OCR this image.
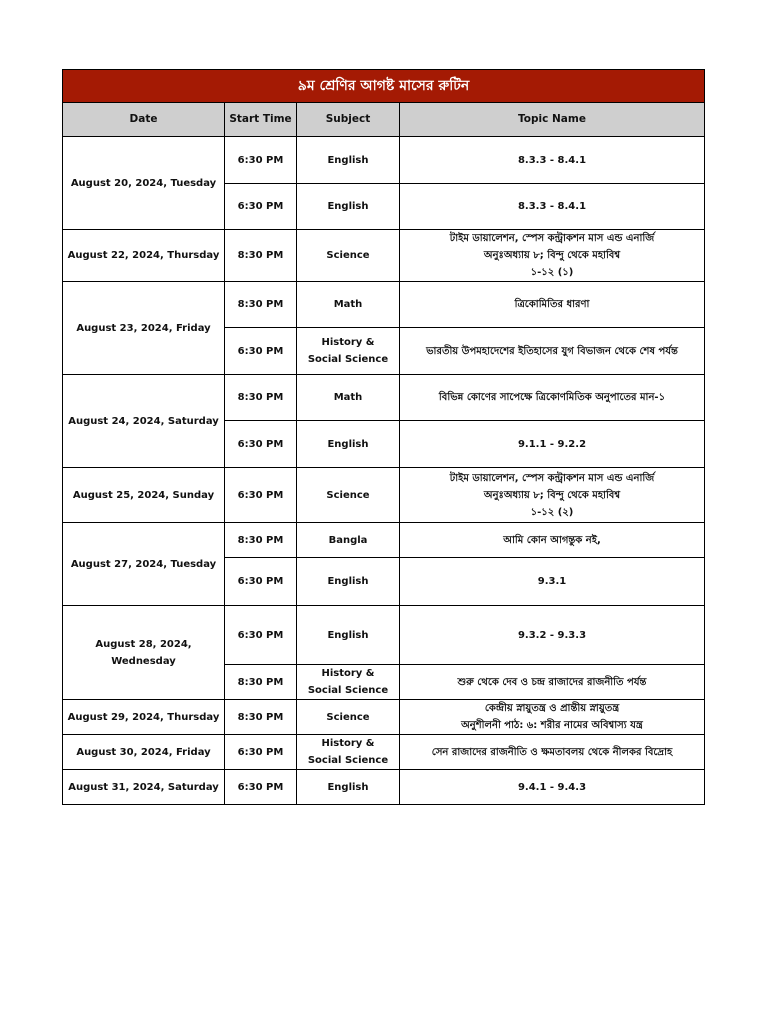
৯ম শ্রেণির আগষ্ট মাসের রুটিন			
Date	Start Time	Subject	Topic Name
August 20, 2024, Tuesday	6:30 PM	English	8.3.3 - 8.4.1
	6:30 PM	English	8.3.3 - 8.4.1
August 22, 2024, Thursday	8:30 PM	Science	টাইম ডায়ালেশন, স্পেস কন্ট্রাকশন মাস এন্ড এনার্জি
অনুঃঅধ্যায় ৮; বিন্দু থেকে মহাবিশ্ব
১-১২ (১)

August 23, 2024, Friday	8:30 PM	Math	ত্রিকোমিতির ধারণা
	6:30 PM	History &
Social Science	ভারতীয় উপমহাদেশের ইতিহাসের যুগ বিভাজন থেকে শেষ পর্যন্ত
August 24, 2024, Saturday	8:30 PM	Math	বিভিন্ন কোণের সাপেক্ষে ত্রিকোণমিতিক অনুপাতের মান-১
	6:30 PM	English	9.1.1 - 9.2.2
August 25, 2024, Sunday	6:30 PM	Science	টাইম ডায়ালেশন, স্পেস কন্ট্রাকশন মাস এন্ড এনার্জি
অনুঃঅধ্যায় ৮; বিন্দু থেকে মহাবিশ্ব
১-১২ (২)

August 27, 2024, Tuesday	8:30 PM	Bangla	আমি কোন আগন্তুক নই,
	6:30 PM	English	9.3.1
August 28, 2024, Wednesday	6:30 PM	English	9.3.2 - 9.3.3
	8:30 PM	History &
Social Science	শুরু থেকে দেব ও চন্দ্র রাজাদের রাজনীতি পর্যন্ত
August 29, 2024, Thursday	8:30 PM	Science	কেন্দ্রীয় স্নায়ুতন্ত্র ও প্রান্তীয় স্নায়ুতন্ত্র
অনুশীলনী পাঠ: ৬: শরীর নামের অবিশ্বাস্য যন্ত্র

August 30, 2024, Friday	6:30 PM	History &
Social Science	সেন রাজাদের রাজনীতি ও ক্ষমতাবলয় থেকে নীলকর বিদ্রোহ
August 31, 2024, Saturday	6:30 PM	English	9.4.1 - 9.4.3
